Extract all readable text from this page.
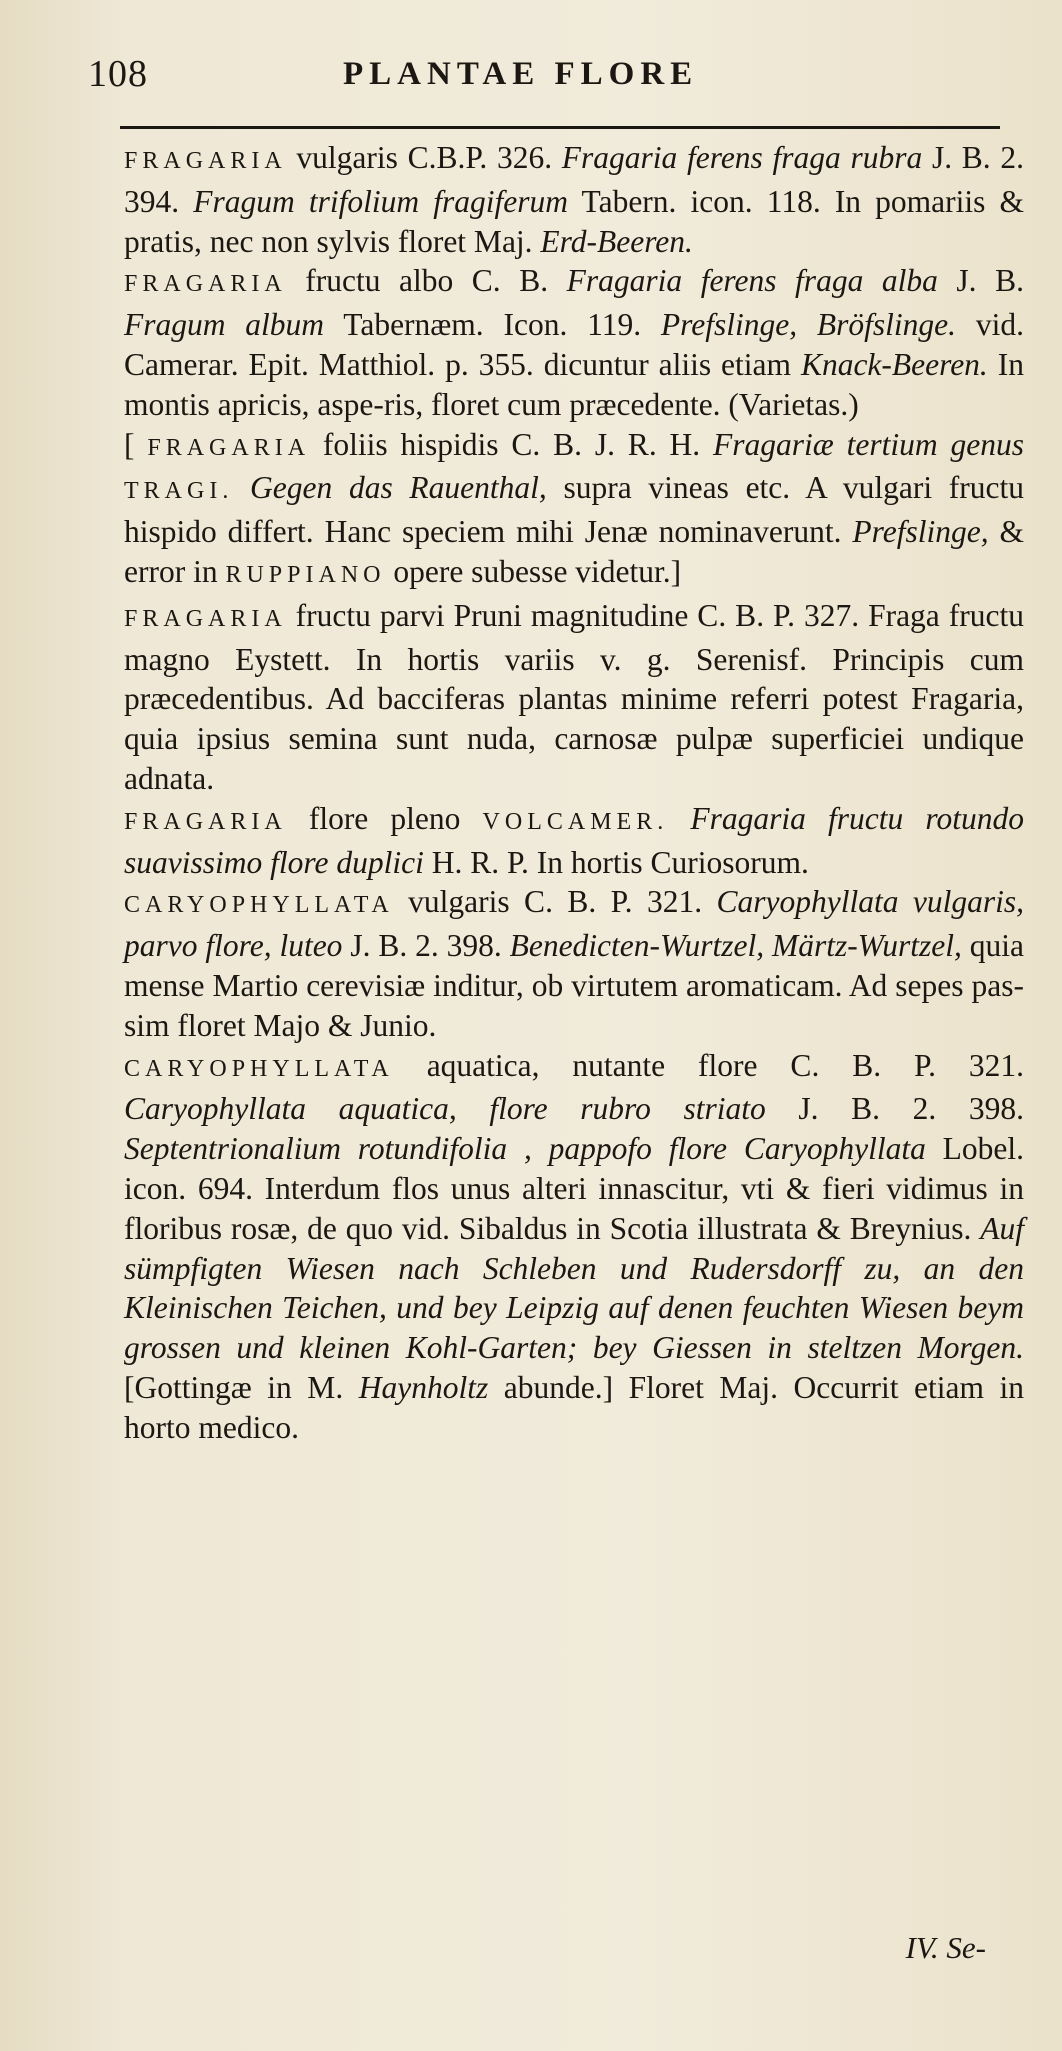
108	PLANTAE FLORE

FRAGARIA vulgaris C.B.P. 326. Fragaria ferens fraga rubra J. B. 2. 394. Fragum trifolium fragiferum Tabern. icon. 118. In pomariis & pratis, nec non sylvis floret Maj. Erd-Beeren.

FRAGARIA fructu albo C. B. Fragaria ferens fraga alba J. B. Fragum album Tabernæm. Icon. 119. Prefslinge, Bröfslinge. vid. Camerar. Epit. Matthiol. p. 355. dicuntur aliis etiam Knack-Beeren. In montis apricis, aspe-ris, floret cum præcedente. (Varietas.)

[ FRAGARIA foliis hispidis C. B. J. R. H. Fragariæ tertium genus TRAGI. Gegen das Rauenthal, supra vineas etc. A vulgari fructu hispido differt. Hanc speciem mihi Jenæ nominaverunt. Prefslinge, & error in RUPPIANO opere subesse videtur.]

FRAGARIA fructu parvi Pruni magnitudine C. B. P. 327. Fraga fructu magno Eystett. In hortis variis v. g. Serenisf. Principis cum præcedentibus. Ad bacciferas plantas minime referri potest Fragaria, quia ipsius semina sunt nuda, carnosæ pulpæ superficiei undique adnata.

FRAGARIA flore pleno VOLCAMER. Fragaria fructu rotundo suavissimo flore duplici H. R. P. In hortis Curiosorum.

CARYOPHYLLATA vulgaris C. B. P. 321. Caryophyllata vulgaris, parvo flore, luteo J. B. 2. 398. Benedicten-Wurtzel, Märtz-Wurtzel, quia mense Martio cerevisiæ inditur, ob virtutem aromaticam. Ad sepes pas-sim floret Majo & Junio.

CARYOPHYLLATA aquatica, nutante flore C. B. P. 321. Caryophyllata aquatica, flore rubro striato J. B. 2. 398. Septentrionalium rotundifolia , pappofo flore Caryophyllata Lobel. icon. 694. Interdum flos unus alteri innascitur, vti & fieri vidimus in floribus rosæ, de quo vid. Sibaldus in Scotia illustrata & Breynius. Auf sümpfigten Wiesen nach Schleben und Rudersdorff zu, an den Kleinischen Teichen, und bey Leipzig auf denen feuchten Wiesen beym grossen und kleinen Kohl-Garten; bey Giessen in steltzen Morgen. [Gottingæ in M. Haynholtz abunde.] Floret Maj. Occurrit etiam in horto medico.

IV. Se-
